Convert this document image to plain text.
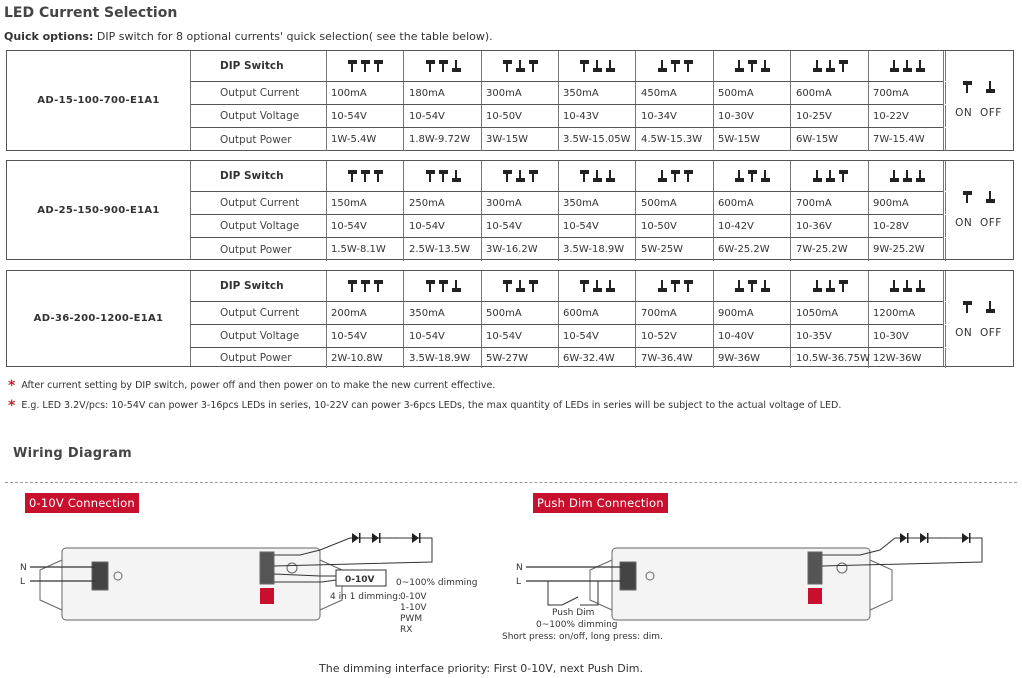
LED Current Selection
Quick options: DIP switch for 8 optional currents' quick selection( see the table below).
AD-15-100-700-E1A1
DIP Switch
Output Current	100mA	180mA	300mA	350mA	450mA	500mA	600mA	700mA
Output Voltage	10-54V	10-54V	10-50V	10-43V	10-34V	10-30V	10-25V	10-22V
Output Power	1W-5.4W	1.8W-9.72W	3W-15W	3.5W-15.05W	4.5W-15.3W	5W-15W	6W-15W	7W-15.4W
ON  OFF
AD-25-150-900-E1A1
DIP Switch
Output Current	150mA	250mA	300mA	350mA	500mA	600mA	700mA	900mA
Output Voltage	10-54V	10-54V	10-54V	10-54V	10-50V	10-42V	10-36V	10-28V
Output Power	1.5W-8.1W	2.5W-13.5W	3W-16.2W	3.5W-18.9W	5W-25W	6W-25.2W	7W-25.2W	9W-25.2W
ON  OFF
AD-36-200-1200-E1A1
DIP Switch
Output Current	200mA	350mA	500mA	600mA	700mA	900mA	1050mA	1200mA
Output Voltage	10-54V	10-54V	10-54V	10-54V	10-52V	10-40V	10-35V	10-30V
Output Power	2W-10.8W	3.5W-18.9W	5W-27W	6W-32.4W	7W-36.4W	9W-36W	10.5W-36.75W 12W-36W
ON  OFF
* After current setting by DIP switch, power off and then power on to make the new current effective.
* E.g. LED 3.2V/pcs: 10-54V can power 3-16pcs LEDs in series, 10-22V can power 3-6pcs LEDs, the max quantity of LEDs in series will be subject to the actual voltage of LED.
Wiring Diagram
0-10V Connection	Push Dim Connection
N
L
- -
0-10V 0~100% dimming
4 in 1 dimming: 0-10V
1-10V
PWM
RX
N
L
Push Dim
0~100% dimming
Short press: on/off, long press: dim.
- -
The dimming interface priority: First 0-10V, next Push Dim.
